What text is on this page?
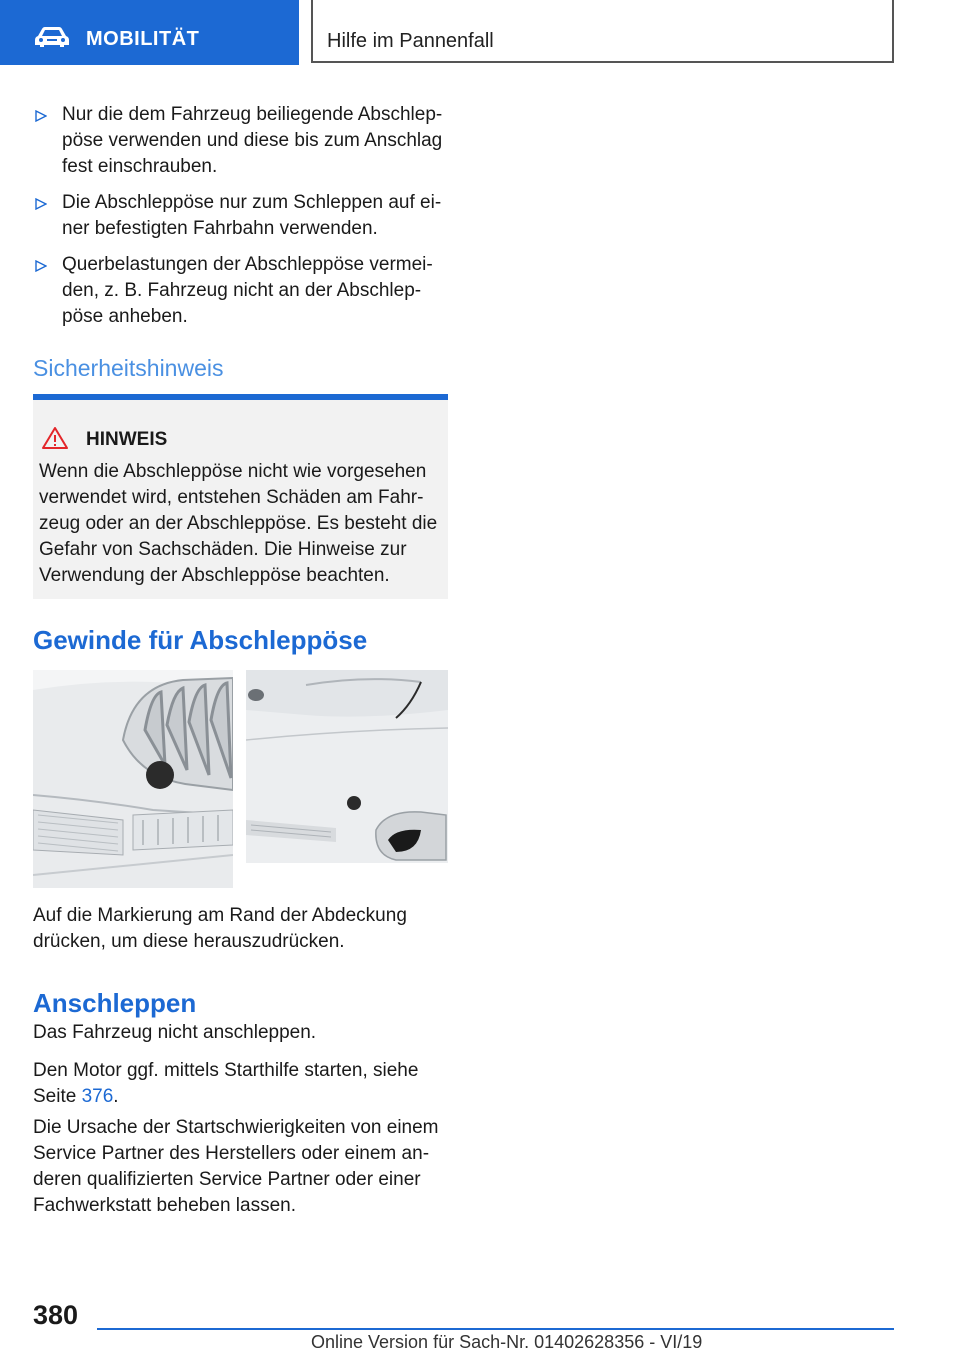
MOBILITÄT	Hilfe im Pannenfall
Nur die dem Fahrzeug beiliegende Abschleppöse verwenden und diese bis zum Anschlag fest einschrauben.
Die Abschleppöse nur zum Schleppen auf einer befestigten Fahrbahn verwenden.
Querbelastungen der Abschleppöse vermeiden, z. B. Fahrzeug nicht an der Abschleppöse anheben.
Sicherheitshinweis
HINWEIS
Wenn die Abschleppöse nicht wie vorgesehen verwendet wird, entstehen Schäden am Fahrzeug oder an der Abschleppöse. Es besteht die Gefahr von Sachschäden. Die Hinweise zur Verwendung der Abschleppöse beachten.
Gewinde für Abschleppöse

Auf die Markierung am Rand der Abdeckung drücken, um diese herauszudrücken.

Anschleppen

Das Fahrzeug nicht anschleppen.

Den Motor ggf. mittels Starthilfe starten, siehe Seite 376.

Die Ursache der Startschwierigkeiten von einem Service Partner des Herstellers oder einem anderen qualifizierten Service Partner oder einer Fachwerkstatt beheben lassen.

380
Online Version für Sach-Nr. 01402628356 - VI/19
